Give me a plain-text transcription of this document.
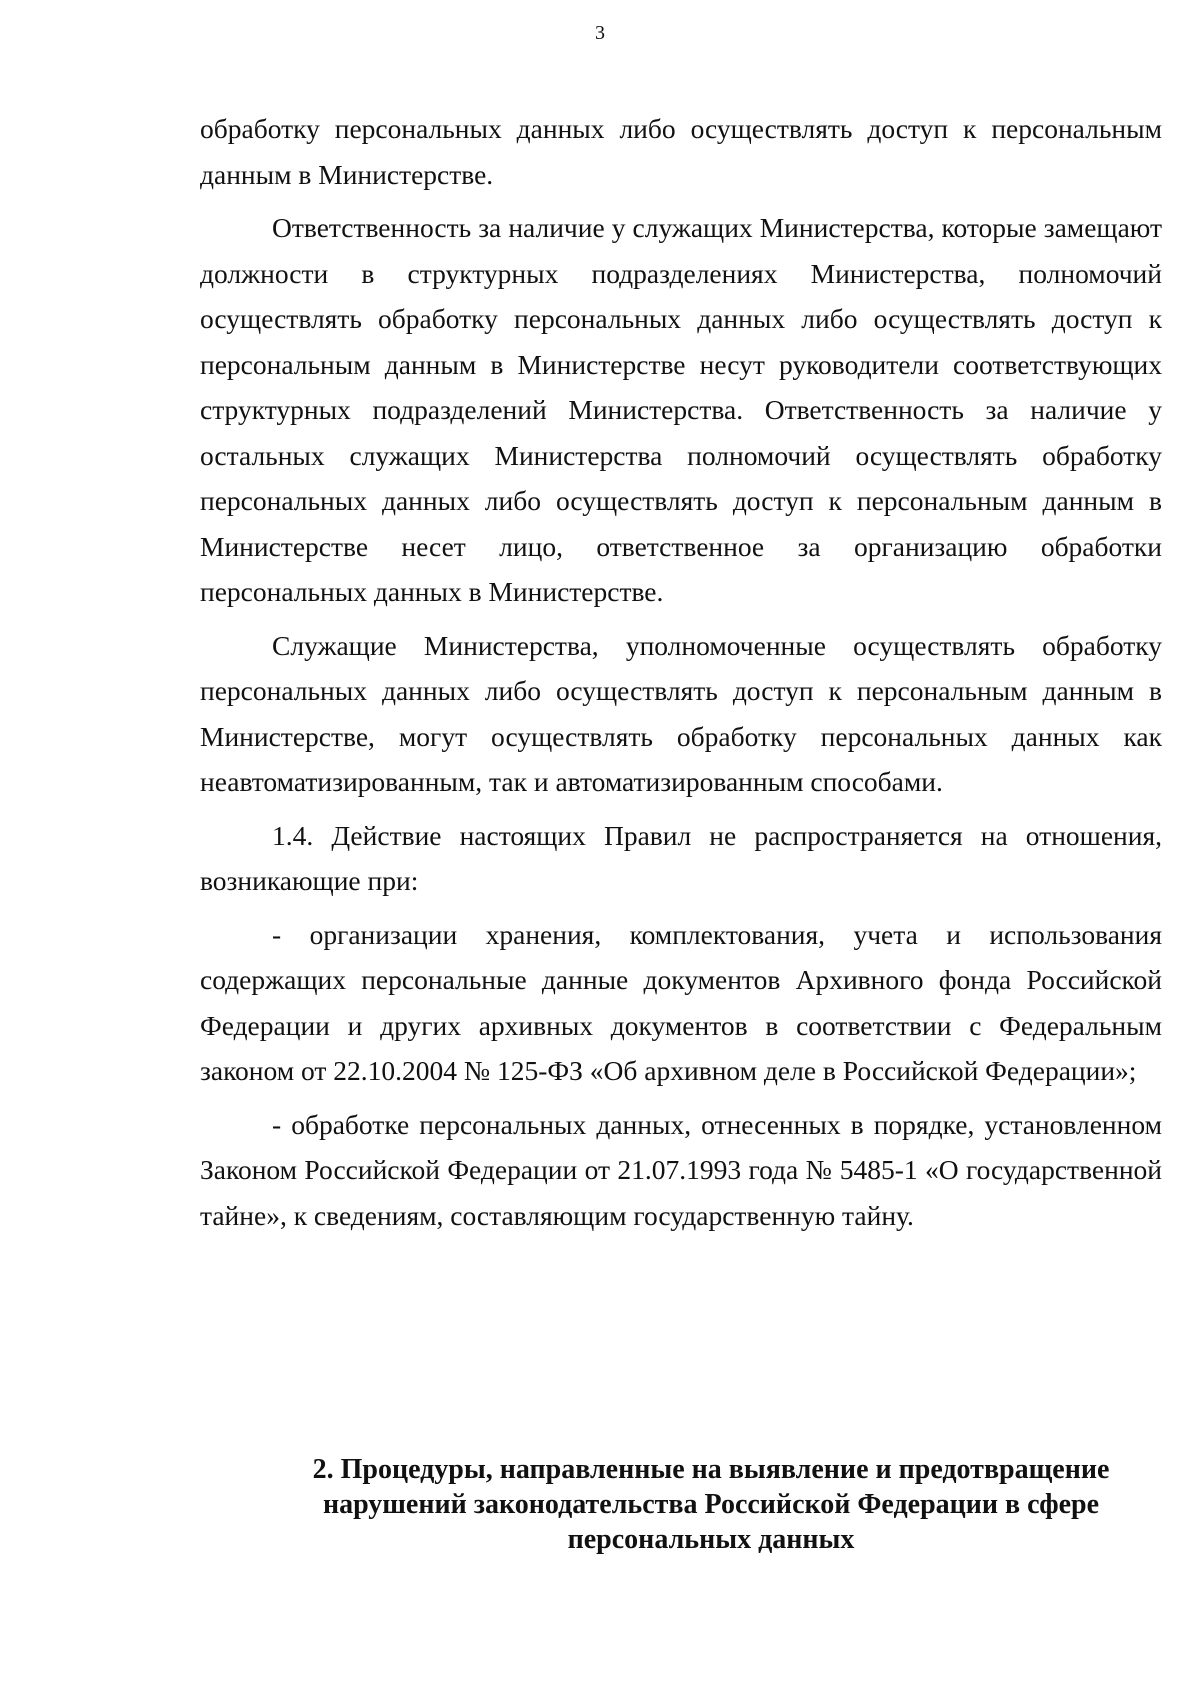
3

обработку персональных данных либо осуществлять доступ к персональным данным в Министерстве.

Ответственность за наличие у служащих Министерства, которые замещают должности в структурных подразделениях Министерства, полномочий осуществлять обработку персональных данных либо осуществлять доступ к персональным данным в Министерстве несут руководители соответствующих структурных подразделений Министерства. Ответственность за наличие у остальных служащих Министерства полномочий осуществлять обработку персональных данных либо осуществлять доступ к персональным данным в Министерстве несет лицо, ответственное за организацию обработки персональных данных в Министерстве.

Служащие Министерства, уполномоченные осуществлять обработку персональных данных либо осуществлять доступ к персональным данным в Министерстве, могут осуществлять обработку персональных данных как неавтоматизированным, так и автоматизированным способами.

1.4. Действие настоящих Правил не распространяется на отношения, возникающие при:

- организации хранения, комплектования, учета и использования содержащих персональные данные документов Архивного фонда Российской Федерации и других архивных документов в соответствии с Федеральным законом от 22.10.2004 № 125-ФЗ «Об архивном деле в Российской Федерации»;

- обработке персональных данных, отнесенных в порядке, установленном Законом Российской Федерации от 21.07.1993 года № 5485-1 «О государственной тайне», к сведениям, составляющим государственную тайну.

2. Процедуры, направленные на выявление и предотвращение
нарушений законодательства Российской Федерации в сфере
персональных данных
